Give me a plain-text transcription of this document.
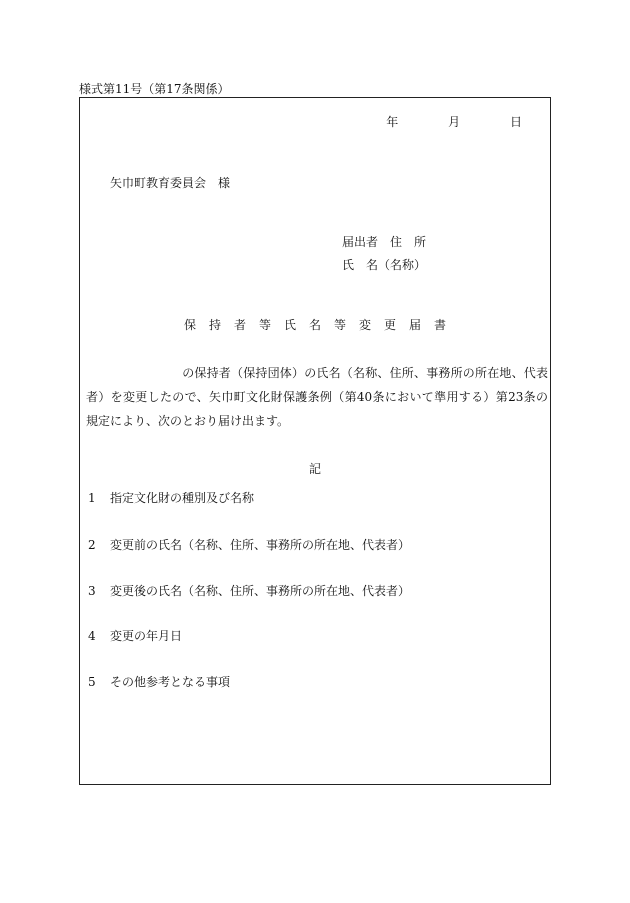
様式第11号（第17条関係）
年	月	日
矢巾町教育委員会 様
届出者 住　所
氏　名（名称）
保持者等氏名等変更届書
の保持者（保持団体）の氏名（名称、住所、事務所の所在地、代表者）を変更したので、矢巾町文化財保護条例（第40条において準用する）第23条の規定により、次のとおり届け出ます。
記
1 指定文化財の種別及び名称
2 変更前の氏名（名称、住所、事務所の所在地、代表者）
3 変更後の氏名（名称、住所、事務所の所在地、代表者）
4 変更の年月日
5 その他参考となる事項
